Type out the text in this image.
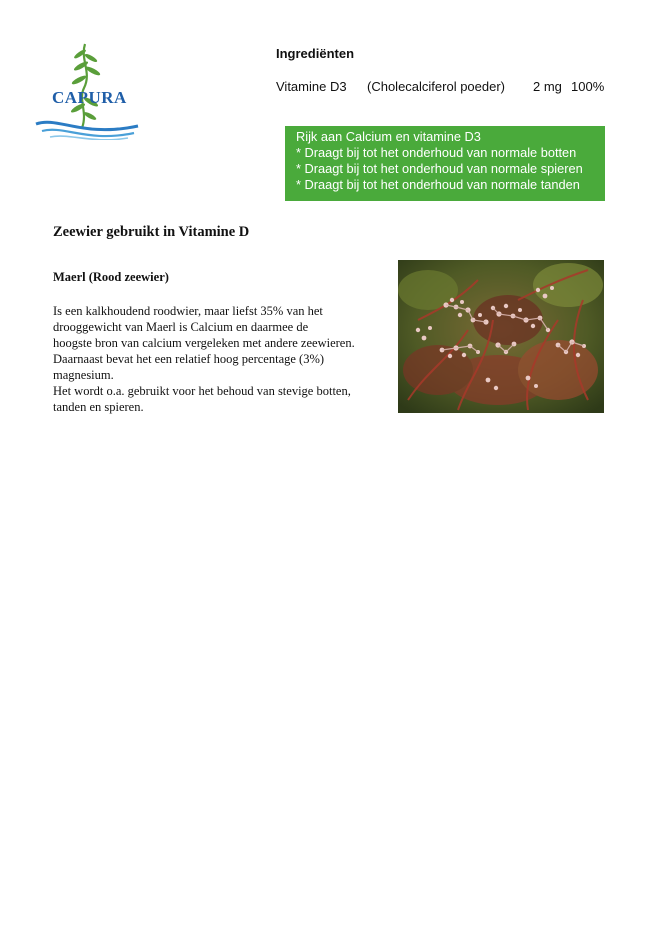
CAPURA
Ingrediënten
Vitamine D3 (Cholecalciferol poeder) 2 mg 100%
Rijk aan Calcium en vitamine D3
* Draagt bij tot het onderhoud van normale botten
* Draagt bij tot het onderhoud van normale spieren
* Draagt bij tot het onderhoud van normale tanden
Zeewier gebruikt in Vitamine D
Maerl (Rood zeewier)
Is een kalkhoudend roodwier, maar liefst 35% van het
drooggewicht van Maerl is Calcium en daarmee de
hoogste bron van calcium vergeleken met andere zeewieren.
Daarnaast bevat het een relatief hoog percentage (3%)
magnesium.
Het wordt o.a. gebruikt voor het behoud van stevige botten,
tanden en spieren.
